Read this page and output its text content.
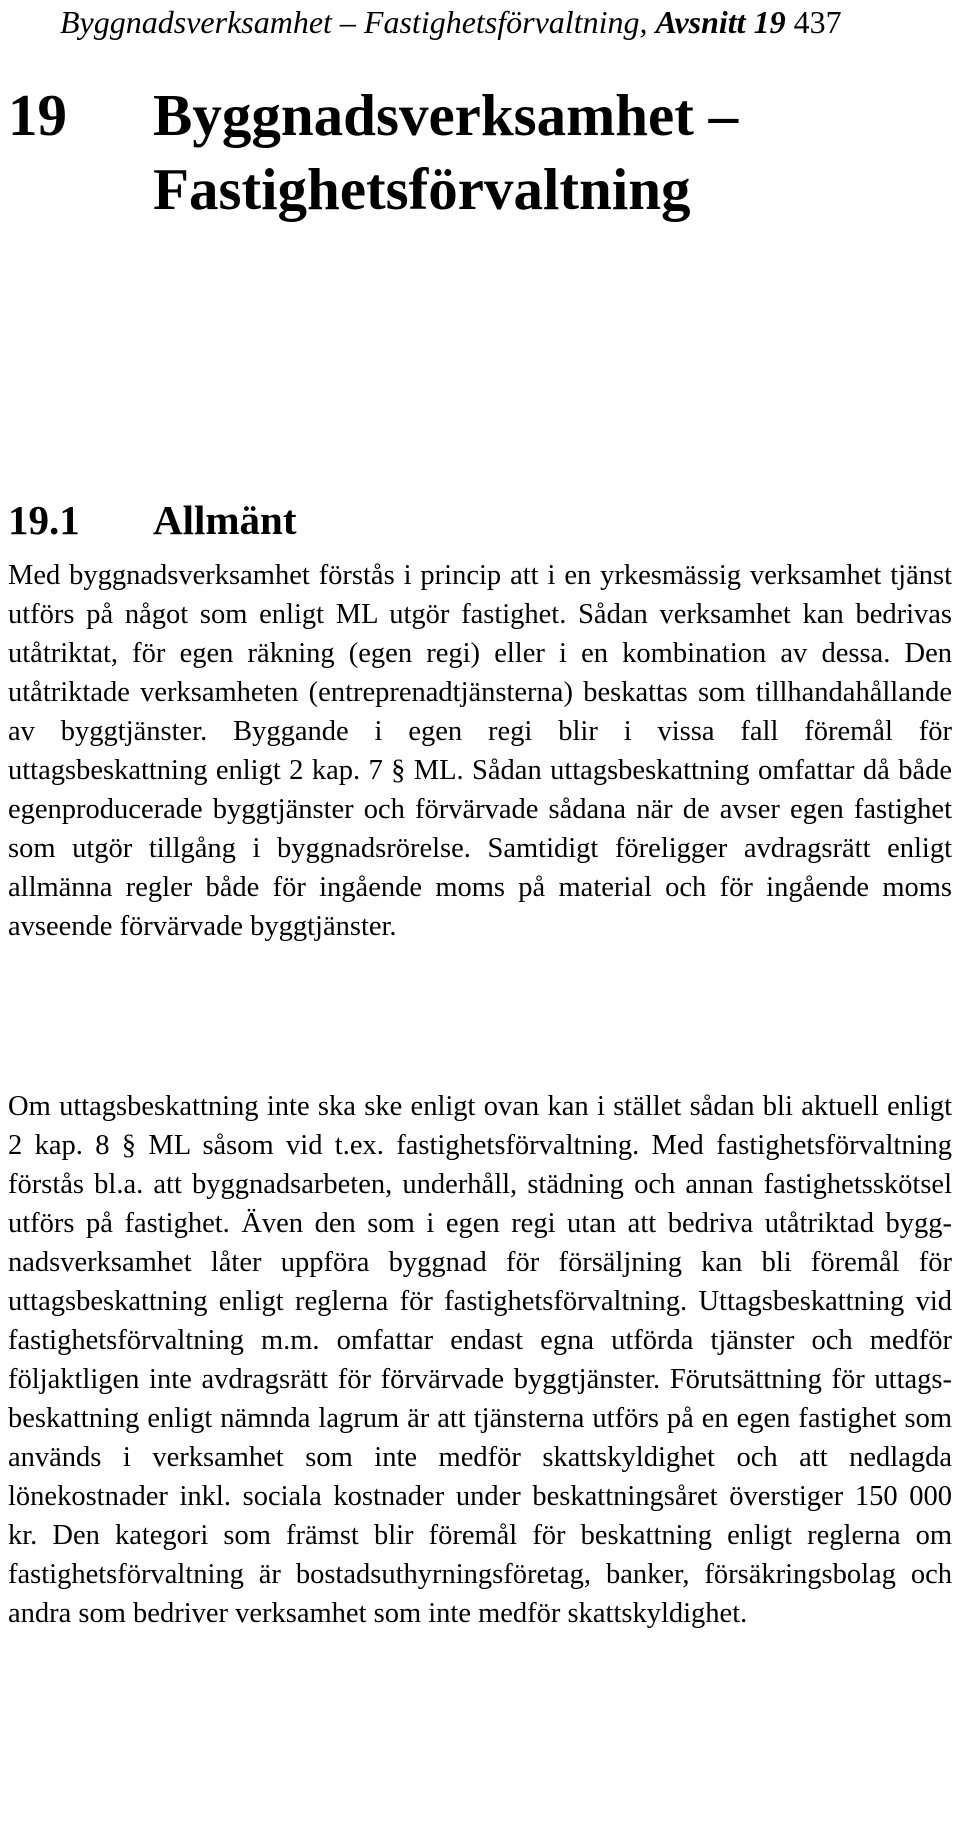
Byggnadsverksamhet – Fastighetsförvaltning, Avsnitt 19 437
19 Byggnadsverksamhet – Fastighetsförvaltning
19.1 Allmänt

Med byggnadsverksamhet förstås i princip att i en yrkesmässig verksamhet tjänst utförs på något som enligt ML utgör fastighet. Sådan verksamhet kan bedrivas utåtriktat, för egen räkning (egen regi) eller i en kombination av dessa. Den utåtriktade verksamheten (entreprenadtjänsterna) beskattas som tillhandahållande av byggtjänster. Byggande i egen regi blir i vissa fall föremål för uttagsbeskattning enligt 2 kap. 7 § ML. Sådan uttagsbeskattning omfattar då både egenproducerade byggtjänster och förvärvade sådana när de avser egen fastighet som utgör tillgång i byggnadsrörelse. Samtidigt föreligger avdragsrätt enligt allmänna regler både för ingående moms på material och för ingående moms avseende förvärvade byggtjänster.

Om uttagsbeskattning inte ska ske enligt ovan kan i stället sådan bli aktuell enligt 2 kap. 8 § ML såsom vid t.ex. fastighetsförvaltning. Med fastighetsförvaltning förstås bl.a. att byggnadsarbeten, underhåll, städning och annan fastighetsskötsel utförs på fastighet. Även den som i egen regi utan att bedriva utåtriktad byggnadsverksamhet låter uppföra byggnad för försäljning kan bli föremål för uttagsbeskattning enligt reglerna för fastighetsförvaltning. Uttagsbeskattning vid fastighetsförvaltning m.m. omfattar endast egna utförda tjänster och medför följaktligen inte avdragsrätt för förvärvade byggtjänster. Förutsättning för uttagsbeskattning enligt nämnda lagrum är att tjänsterna utförs på en egen fastighet som används i verksamhet som inte medför skattskyldighet och att nedlagda lönekostnader inkl. sociala kostnader under beskattningsåret överstiger 150 000 kr. Den kategori som främst blir föremål för beskattning enligt reglerna om fastighetsförvaltning är bostadsuthyrningsföretag, banker, försäkringsbolag och andra som bedriver verksamhet som inte medför skattskyldighet.
